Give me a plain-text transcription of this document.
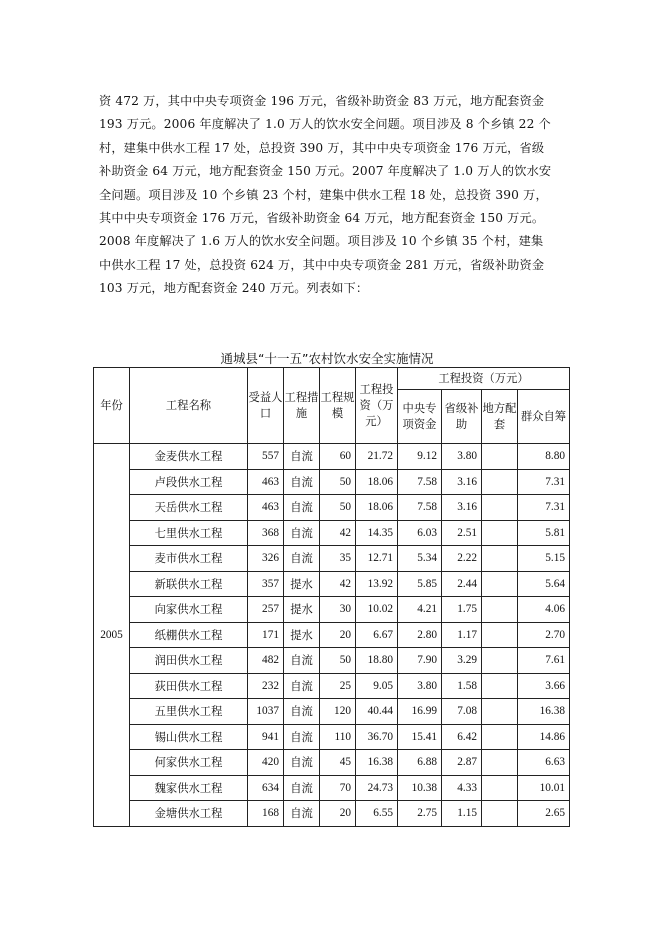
资 472 万，其中中央专项资金 196 万元，省级补助资金 83 万元，地方配套资金
193 万元。2006 年度解决了 1.0 万人的饮水安全问题。项目涉及 8 个乡镇 22 个
村，建集中供水工程 17 处，总投资 390 万，其中中央专项资金 176 万元，省级
补助资金 64 万元，地方配套资金 150 万元。2007 年度解决了 1.0 万人的饮水安
全问题。项目涉及 10 个乡镇 23 个村，建集中供水工程 18 处，总投资 390 万，
其中中央专项资金 176 万元，省级补助资金 64 万元，地方配套资金 150 万元。
2008 年度解决了 1.6 万人的饮水安全问题。项目涉及 10 个乡镇 35 个村，建集
中供水工程 17 处，总投资 624 万，其中中央专项资金 281 万元，省级补助资金
103 万元，地方配套资金 240 万元。列表如下：
通城县“十一五”农村饮水安全实施情况
年份	工程名称	受益人口	工程措施	工程规模	工程投资（万元）	工程投资（万元）			
						中央专项资金	省级补助	地方配套	群众自筹
2005	金麦供水工程	557	自流	60	21.72	9.12	3.80		8.80
	卢段供水工程	463	自流	50	18.06	7.58	3.16		7.31
	天岳供水工程	463	自流	50	18.06	7.58	3.16		7.31
	七里供水工程	368	自流	42	14.35	6.03	2.51		5.81
	麦市供水工程	326	自流	35	12.71	5.34	2.22		5.15
	新联供水工程	357	提水	42	13.92	5.85	2.44		5.64
	向家供水工程	257	提水	30	10.02	4.21	1.75		4.06
	纸棚供水工程	171	提水	20	6.67	2.80	1.17		2.70
	润田供水工程	482	自流	50	18.80	7.90	3.29		7.61
	荻田供水工程	232	自流	25	9.05	3.80	1.58		3.66
	五里供水工程	1037	自流	120	40.44	16.99	7.08		16.38
	锡山供水工程	941	自流	110	36.70	15.41	6.42		14.86
	何家供水工程	420	自流	45	16.38	6.88	2.87		6.63
	魏家供水工程	634	自流	70	24.73	10.38	4.33		10.01
	金塘供水工程	168	自流	20	6.55	2.75	1.15		2.65
